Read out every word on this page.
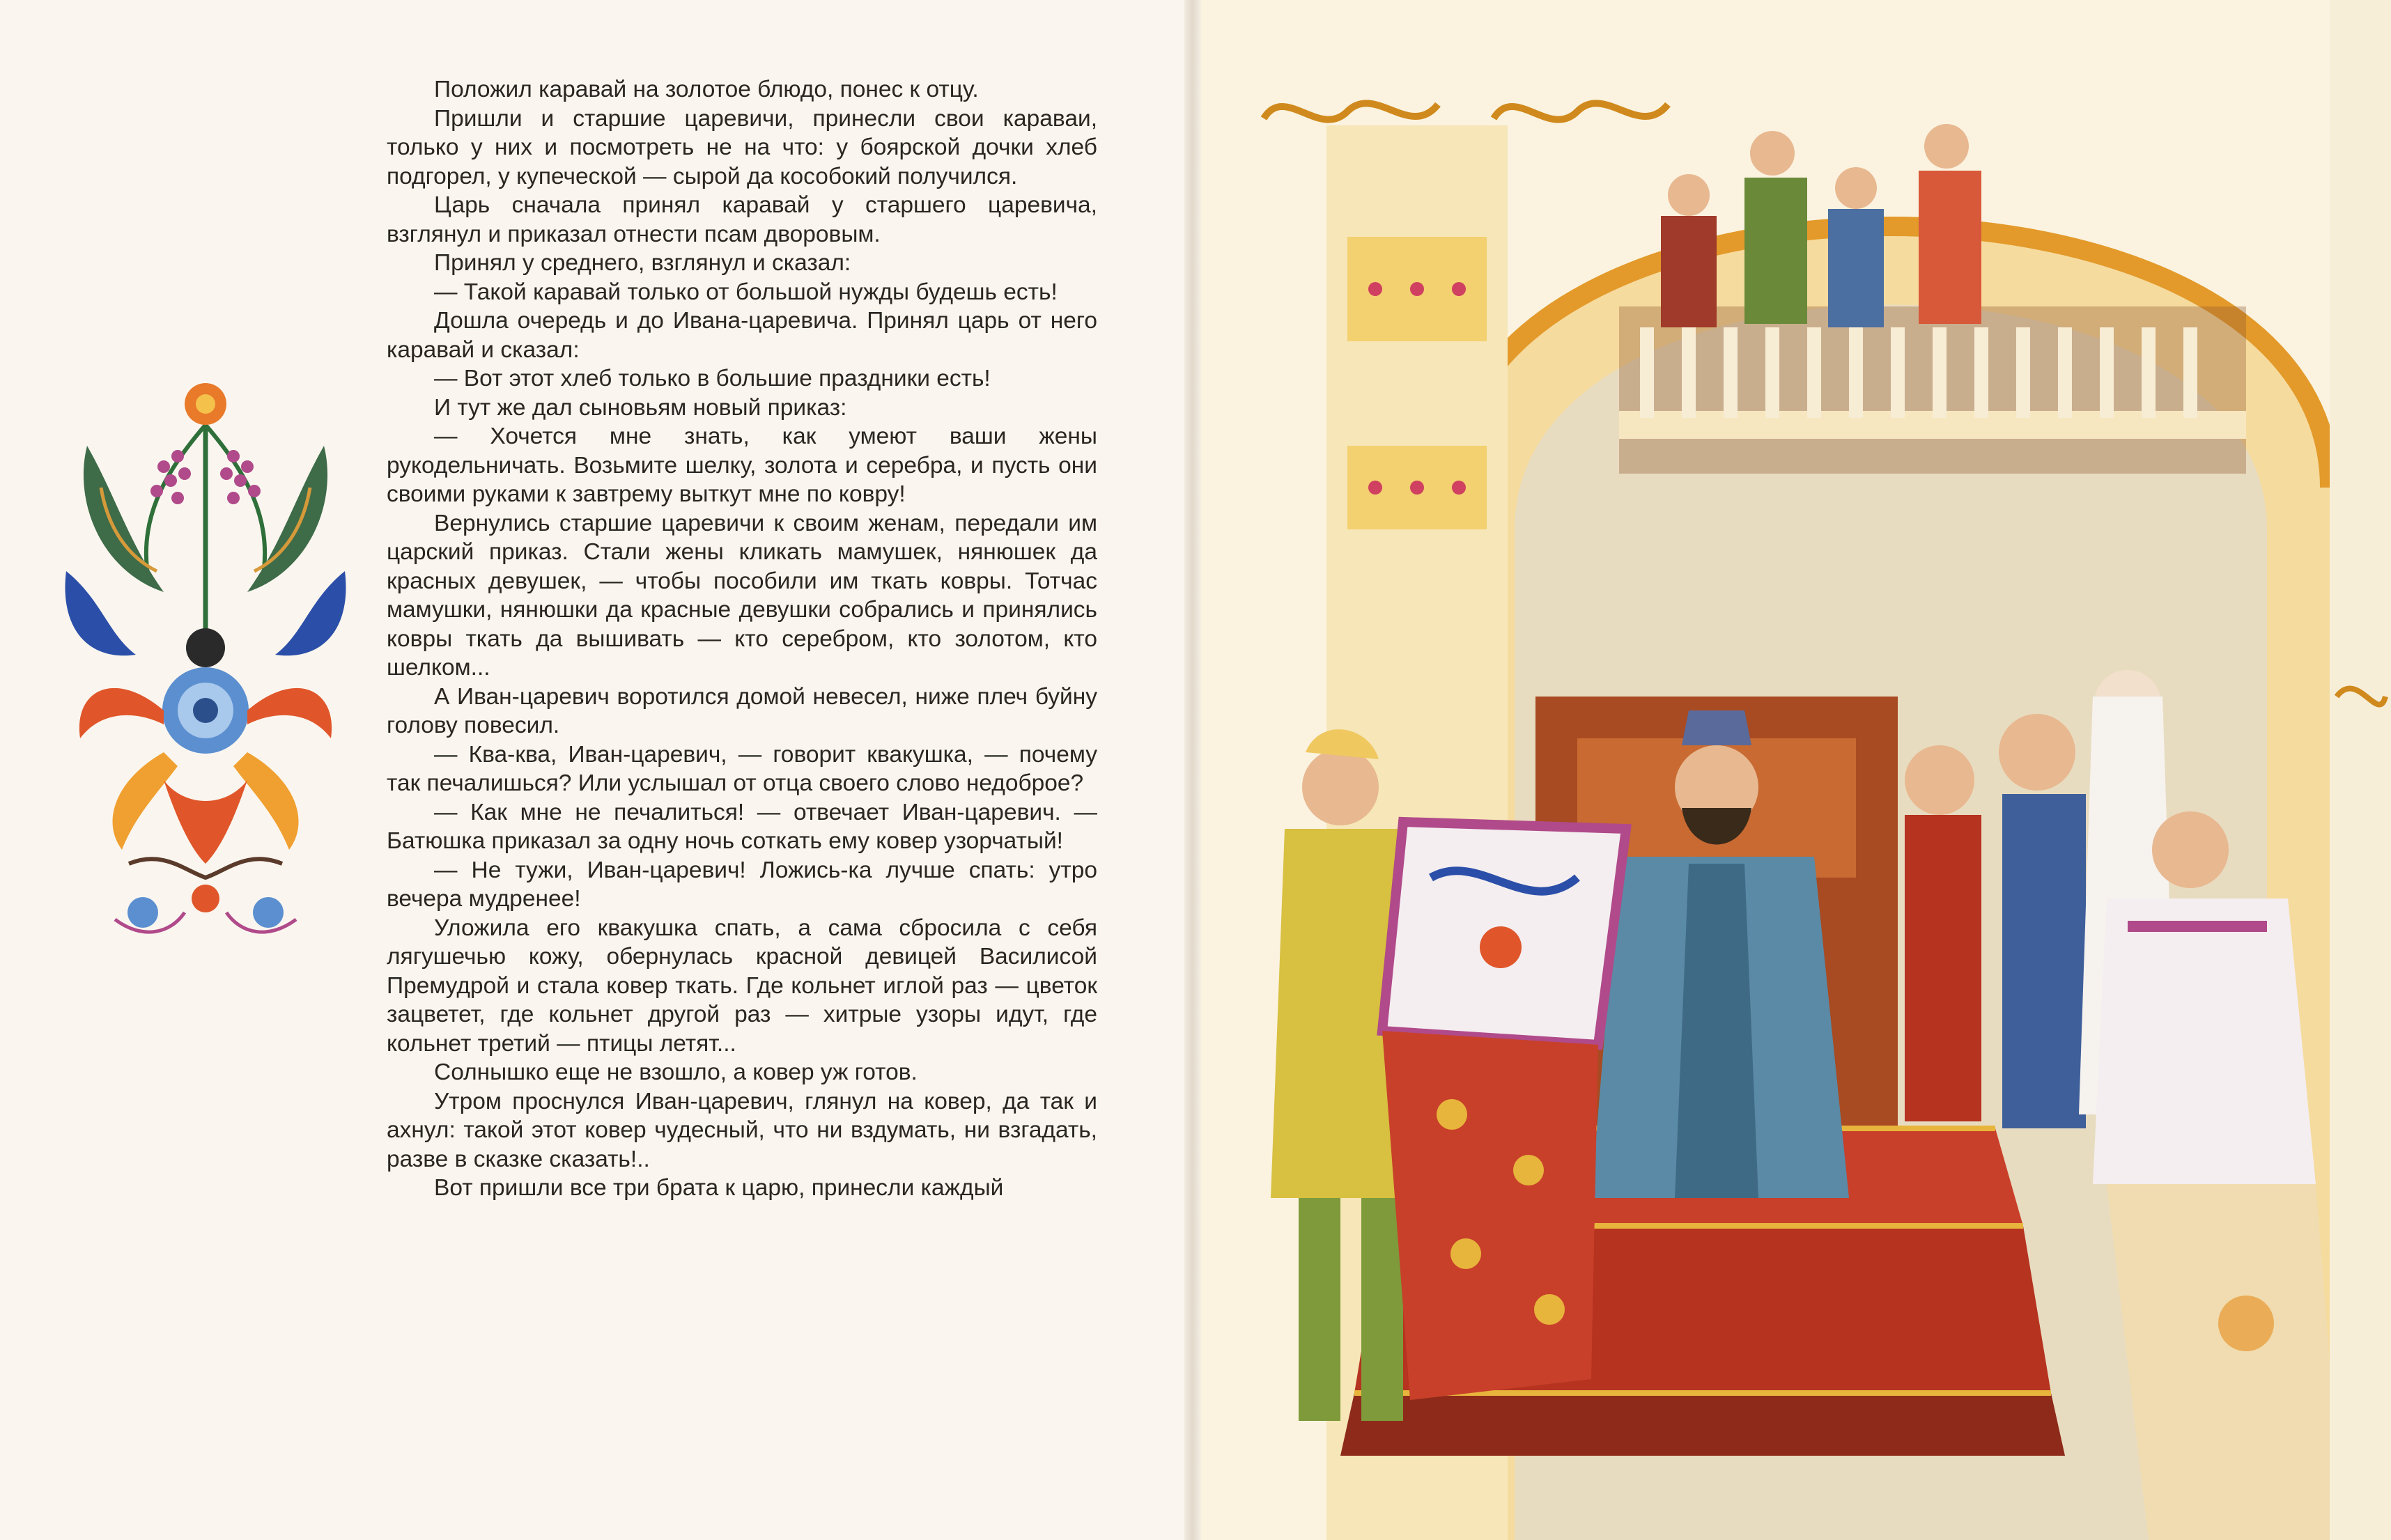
Положил каравай на золотое блюдо, понес к отцу.

Пришли и старшие царевичи, принесли свои караваи, только у них и посмотреть не на что: у боярской дочки хлеб подгорел, у купеческой — сырой да кособокий получился.

Царь сначала принял каравай у старшего царевича, взглянул и приказал отнести псам дворовым.

Принял у среднего, взглянул и сказал:

— Такой каравай только от большой нужды будешь есть!

Дошла очередь и до Ивана-царевича. Принял царь от него каравай и сказал:

— Вот этот хлеб только в большие праздники есть!

И тут же дал сыновьям новый приказ:

— Хочется мне знать, как умеют ваши жены рукодельничать. Возьмите шелку, золота и серебра, и пусть они своими руками к завтрему выткут мне по ковру!

Вернулись старшие царевичи к своим женам, передали им царский приказ. Стали жены кликать мамушек, нянюшек да красных девушек, — чтобы пособили им ткать ковры. Тотчас мамушки, нянюшки да красные девушки собрались и принялись ковры ткать да вышивать — кто серебром, кто золотом, кто шелком...

А Иван-царевич воротился домой невесел, ниже плеч буйну голову повесил.

— Ква-ква, Иван-царевич, — говорит квакушка, — почему так печалишься? Или услышал от отца своего слово недоброе?

— Как мне не печалиться! — отвечает Иван-царевич. — Батюшка приказал за одну ночь соткать ему ковер узорчатый!

— Не тужи, Иван-царевич! Ложись-ка лучше спать: утро вечера мудренее!

Уложила его квакушка спать, а сама сбросила с себя лягушечью кожу, обернулась красной девицей Василисой Премудрой и стала ковер ткать. Где кольнет иглой раз — цветок зацветет, где кольнет другой раз — хитрые узоры идут, где кольнет третий — птицы летят...

Солнышко еще не взошло, а ковер уж готов.

Утром проснулся Иван-царевич, глянул на ковер, да так и ахнул: такой этот ковер чудесный, что ни вздумать, ни взгадать, разве в сказке сказать!..

Вот пришли все три брата к царю, принесли каждый
